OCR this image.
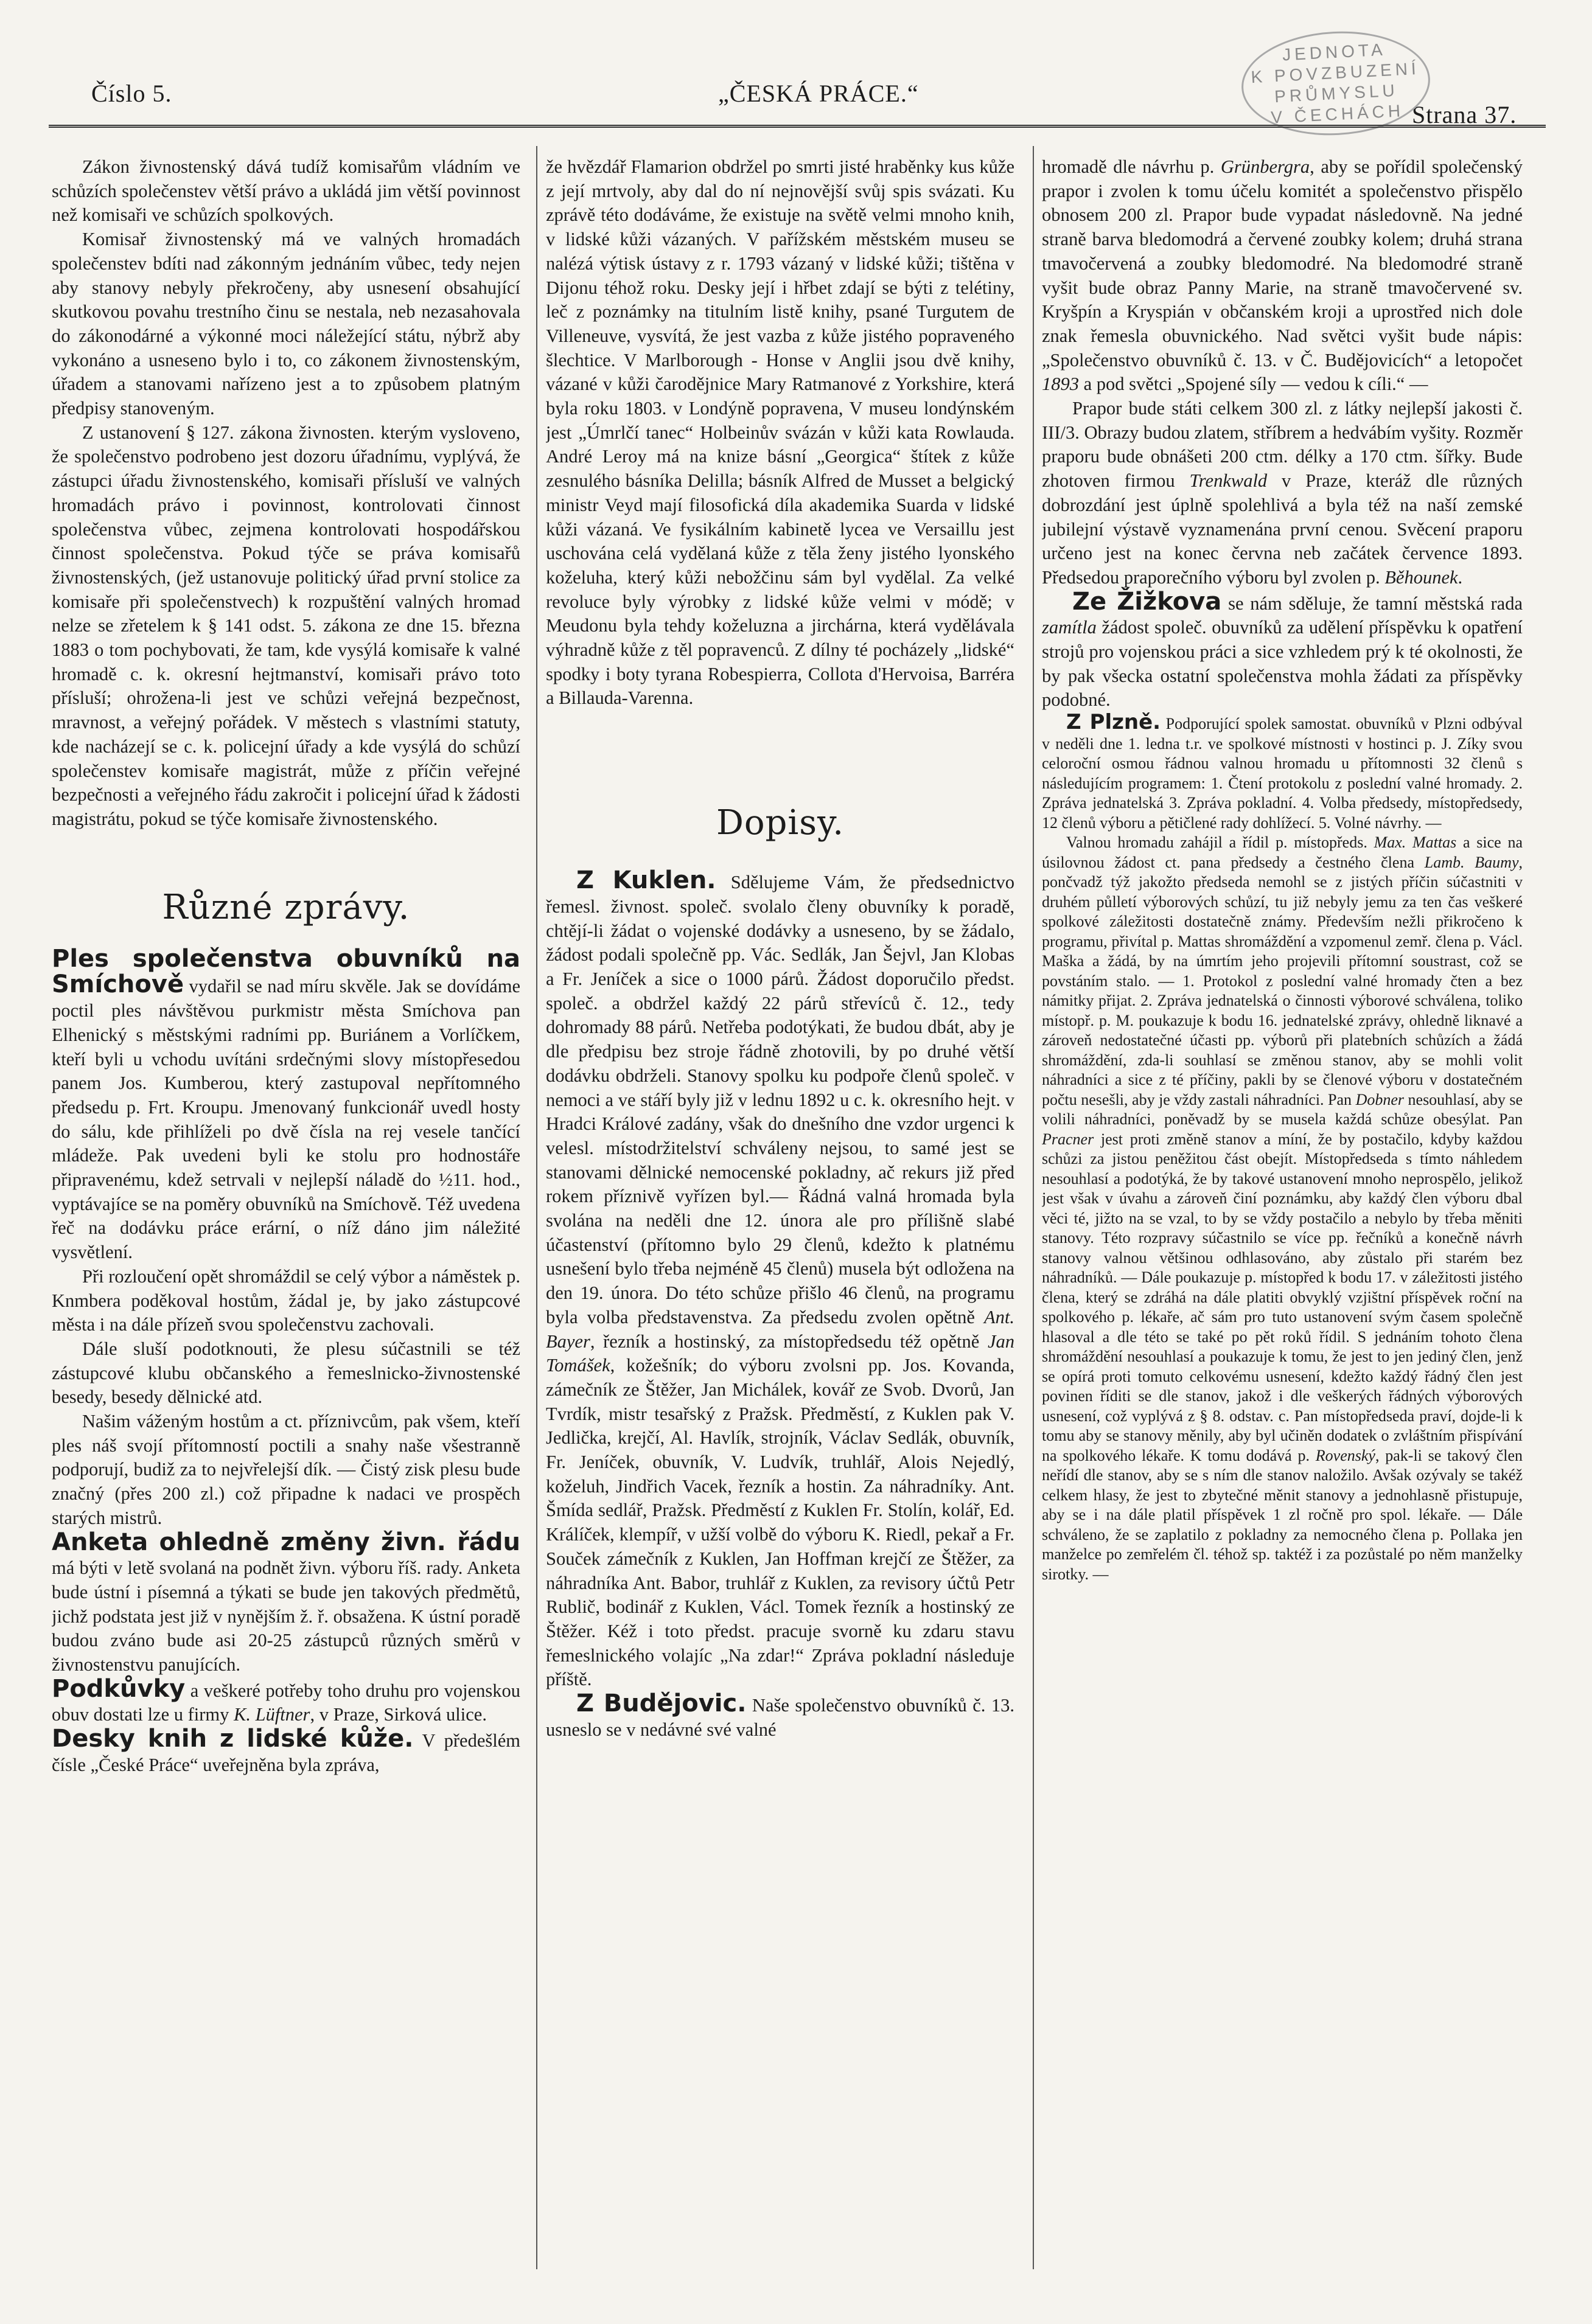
Číslo 5.	„ČESKÁ PRÁCE.“
Strana 37.
JEDNOTA
K POVZBUZENÍ
PRŮMYSLU
V ČECHÁCH

Zákon živnostenský dává tudíž komisařům vládním ve schůzích společenstev větší právo a ukládá jim větší povinnost než komisaři ve schůzích spolkových.

Komisař živnostenský má ve valných hromadách společenstev bdíti nad zákonným jednáním vůbec, tedy nejen aby stanovy nebyly překročeny, aby usnesení obsahující skutkovou povahu trestního činu se nestala, neb nezasahovala do zákonodárné a výkonné moci náležející státu, nýbrž aby vykonáno a usneseno bylo i to, co zákonem živnostenským, úřadem a stanovami nařízeno jest a to způsobem platným předpisy stanoveným.

Z ustanovení § 127. zákona živnosten. kterým vysloveno, že společenstvo podrobeno jest dozoru úřadnímu, vyplývá, že zástupci úřadu živnostenského, komisaři přísluší ve valných hromadách právo i povinnost, kontrolovati činnost společenstva vůbec, zejmena kontrolovati hospodářskou činnost společenstva. Pokud týče se práva komisařů živnostenských, (jež ustanovuje politický úřad první stolice za komisaře při společenstvech) k rozpuštění valných hromad nelze se zřetelem k § 141 odst. 5. zákona ze dne 15. března 1883 o tom pochybovati, že tam, kde vysýlá komisaře k valné hromadě c. k. okresní hejtmanství, komisaři právo toto přísluší; ohrožena-li jest ve schůzi veřejná bezpečnost, mravnost, a veřejný pořádek. V městech s vlastními statuty, kde nacházejí se c. k. policejní úřady a kde vysýlá do schůzí společenstev komisaře magistrát, může z příčin veřejné bezpečnosti a veřejného řádu zakročit i policejní úřad k žádosti magistrátu, pokud se týče komisaře živnostenského.

Různé zprávy.

Ples společenstva obuvníků na Smíchově vydařil se nad míru skvěle. Jak se dovídáme poctil ples návštěvou purkmistr města Smíchova pan Elhenický s městskými radními pp. Buriánem a Vorlíčkem, kteří byli u vchodu uvítáni srdečnými slovy místopřesedou panem Jos. Kumberou, který zastupoval nepřítomného předsedu p. Frt. Kroupu. Jmenovaný funkcionář uvedl hosty do sálu, kde přihlíželi po dvě čísla na rej vesele tančící mládeže. Pak uvedeni byli ke stolu pro hodnostáře připravenému, kdež setrvali v nejlepší náladě do ½11. hod., vyptávajíce se na poměry obuvníků na Smíchově. Též uvedena řeč na dodávku práce erární, o níž dáno jim náležité vysvětlení.

Při rozloučení opět shromáždil se celý výbor a náměstek p. Knmbera poděkoval hostům, žádal je, by jako zástupcové města i na dále přízeň svou společenstvu zachovali.

Dále sluší podotknouti, že plesu súčastnili se též zástupcové klubu občanského a řemeslnicko-živnostenské besedy, besedy dělnické atd.

Našim váženým hostům a ct. příznivcům, pak všem, kteří ples náš svojí přítomností poctili a snahy naše všestranně podporují, budiž za to nejvřelejší dík. — Čistý zisk plesu bude značný (přes 200 zl.) což připadne k nadaci ve prospěch starých mistrů.

Anketa ohledně změny živn. řádu má býti v letě svolaná na podnět živn. výboru říš. rady. Anketa bude ústní i písemná a týkati se bude jen takových předmětů, jichž podstata jest již v nynějším ž. ř. obsažena. K ústní poradě budou zváno bude asi 20-25 zástupců různých směrů v živnostenstvu panujících.

Podkůvky a veškeré potřeby toho druhu pro vojenskou obuv dostati lze u firmy K. Lüftner, v Praze, Sirková ulice.

Desky knih z lidské kůže. V předešlém čísle „České Práce“ uveřejněna byla zpráva,

že hvězdář Flamarion obdržel po smrti jisté hraběnky kus kůže z její mrtvoly, aby dal do ní nejnovější svůj spis svázati. Ku zprávě této dodáváme, že existuje na světě velmi mnoho knih, v lidské kůži vázaných. V pařížském městském museu se nalézá výtisk ústavy z r. 1793 vázaný v lidské kůži; tištěna v Dijonu téhož roku. Desky její i hřbet zdají se býti z telétiny, leč z poznámky na titulním listě knihy, psané Turgutem de Villeneuve, vysvítá, že jest vazba z kůže jistého popraveného šlechtice. V Marlborough - Honse v Anglii jsou dvě knihy, vázané v kůži čarodějnice Mary Ratmanové z Yorkshire, která byla roku 1803. v Londýně popravena, V museu londýnském jest „Úmrlčí tanec“ Holbeinův svázán v kůži kata Rowlauda. André Leroy má na knize básní „Georgica“ štítek z kůže zesnulého básníka Delilla; básník Alfred de Musset a belgický ministr Veyd mají filosofická díla akademika Suarda v lidské kůži vázaná. Ve fysikálním kabinetě lycea ve Versaillu jest uschována celá vydělaná kůže z těla ženy jistého lyonského koželuha, který kůži nebožčinu sám byl vydělal. Za velké revoluce byly výrobky z lidské kůže velmi v módě; v Meudonu byla tehdy koželuzna a jirchárna, která vydělávala výhradně kůže z těl popravenců. Z dílny té pocházely „lidské“ spodky i boty tyrana Robespierra, Collota d'Hervoisa, Barréra a Billauda-Varenna.

Dopisy.

Z Kuklen. Sdělujeme Vám, že předsednictvo řemesl. živnost. společ. svolalo členy obuvníky k poradě, chtějí-li žádat o vojenské dodávky a usneseno, by se žádalo, žádost podali společně pp. Vác. Sedlák, Jan Šejvl, Jan Klobas a Fr. Jeníček a sice o 1000 párů. Žádost doporučilo předst. společ. a obdržel každý 22 párů střevíců č. 12., tedy dohromady 88 párů. Netřeba podotýkati, že budou dbát, aby je dle předpisu bez stroje řádně zhotovili, by po druhé větší dodávku obdrželi. Stanovy spolku ku podpoře členů společ. v nemoci a ve stáří byly již v lednu 1892 u c. k. okresního hejt. v Hradci Králové zadány, však do dnešního dne vzdor urgenci k velesl. místodržitelství schváleny nejsou, to samé jest se stanovami dělnické nemocenské pokladny, ač rekurs již před rokem příznivě vyřízen byl.— Řádná valná hromada byla svolána na neděli dne 12. února ale pro přílišně slabé účastenství (přítomno bylo 29 členů, kdežto k platnému usnešení bylo třeba nejméně 45 členů) musela být odložena na den 19. února. Do této schůze přišlo 46 členů, na programu byla volba představenstva. Za předsedu zvolen opětně Ant. Bayer, řezník a hostinský, za místopředsedu též opětně Jan Tomášek, kožešník; do výboru zvolsni pp. Jos. Kovanda, zámečník ze Štěžer, Jan Michálek, kovář ze Svob. Dvorů, Jan Tvrdík, mistr tesařský z Pražsk. Předměstí, z Kuklen pak V. Jedlička, krejčí, Al. Havlík, strojník, Václav Sedlák, obuvník, Fr. Jeníček, obuvník, V. Ludvík, truhlář, Alois Nejedlý, koželuh, Jindřich Vacek, řezník a hostin. Za náhradníky. Ant. Šmída sedlář, Pražsk. Předměstí z Kuklen Fr. Stolín, kolář, Ed. Králíček, klempíř, v užší volbě do výboru K. Riedl, pekař a Fr. Souček zámečník z Kuklen, Jan Hoffman krejčí ze Štěžer, za náhradníka Ant. Babor, truhlář z Kuklen, za revisory účtů Petr Rublič, bodinář z Kuklen, Václ. Tomek řezník a hostinský ze Štěžer. Kéž i toto předst. pracuje svorně ku zdaru stavu řemeslnického volajíc „Na zdar!“ Zpráva pokladní následuje příště.

Z Budějovic. Naše společenstvo obuvníků č. 13. usneslo se v nedávné své valné

hromadě dle návrhu p. Grünbergra, aby se pořídil společenský prapor i zvolen k tomu účelu komitét a společenstvo přispělo obnosem 200 zl. Prapor bude vypadat následovně. Na jedné straně barva bledomodrá a červené zoubky kolem; druhá strana tmavočervená a zoubky bledomodré. Na bledomodré straně vyšit bude obraz Panny Marie, na straně tmavočervené sv. Kryšpín a Kryspián v občanském kroji a uprostřed nich dole znak řemesla obuvnického. Nad světci vyšit bude nápis: „Společenstvo obuvníků č. 13. v Č. Budějovicích“ a letopočet 1893 a pod světci „Spojené síly — vedou k cíli.“ —

Prapor bude státi celkem 300 zl. z látky nejlepší jakosti č. III/3. Obrazy budou zlatem, stříbrem a hedvábím vyšity. Rozměr praporu bude obnášeti 200 ctm. délky a 170 ctm. šířky. Bude zhotoven firmou Trenkwald v Praze, kteráž dle různých dobrozdání jest úplně spolehlivá a byla též na naší zemské jubilejní výstavě vyznamenána první cenou. Svěcení praporu určeno jest na konec června neb začátek července 1893. Předsedou praporečního výboru byl zvolen p. Běhounek.

Ze Žižkova se nám sděluje, že tamní městská rada zamítla žádost společ. obuvníků za udělení příspěvku k opatření strojů pro vojenskou práci a sice vzhledem prý k té okolnosti, že by pak všecka ostatní společenstva mohla žádati za příspěvky podobné.

Z Plzně. Podporující spolek samostat. obuvníků v Plzni odbýval v neděli dne 1. ledna t.r. ve spolkové místnosti v hostinci p. J. Zíky svou celoroční osmou řádnou valnou hromadu u přítomnosti 32 členů s následujícím programem: 1. Čtení protokolu z poslední valné hromady. 2. Zpráva jednatelská 3. Zpráva pokladní. 4. Volba předsedy, místopředsedy, 12 členů výboru a pětičlené rady dohlížecí. 5. Volné návrhy. —

Valnou hromadu zahájil a řídil p. místopředs. Max. Mattas a sice na úsilovnou žádost ct. pana předsedy a čestného člena Lamb. Baumy, pončvadž týž jakožto předseda nemohl se z jistých příčin súčastniti v druhém půlletí výborových schůzí, tu již nebyly jemu za ten čas veškeré spolkové záležitosti dostatečně známy. Především nežli přikročeno k programu, přivítal p. Mattas shromáždění a vzpomenul zemř. člena p. Václ. Maška a žádá, by na úmrtím jeho projevili přítomní soustrast, což se povstáním stalo. — 1. Protokol z poslední valné hromady čten a bez námitky přijat. 2. Zpráva jednatelská o činnosti výborové schválena, toliko místopř. p. M. poukazuje k bodu 16. jednatelské zprávy, ohledně liknavé a zároveň nedostatečné účasti pp. výborů při platebních schůzích a žádá shromáždění, zda-li souhlasí se změnou stanov, aby se mohli volit náhradníci a sice z té příčiny, pakli by se členové výboru v dostatečném počtu nesešli, aby je vždy zastali náhradníci. Pan Dobner nesouhlasí, aby se volili náhradníci, poněvadž by se musela každá schůze obesýlat. Pan Pracner jest proti změně stanov a míní, že by postačilo, kdyby každou schůzi za jistou peněžitou část obejít. Místopředseda s tímto náhledem nesouhlasí a podotýká, že by takové ustanovení mnoho neprospělo, jelikož jest však v úvahu a zároveň činí poznámku, aby každý člen výboru dbal věci té, jižto na se vzal, to by se vždy postačilo a nebylo by třeba měniti stanovy. Této rozpravy súčastnilo se více pp. řečníků a konečně návrh stanovy valnou většinou odhlasováno, aby zůstalo při starém bez náhradníků. — Dále poukazuje p. místopřed k bodu 17. v záležitosti jistého člena, který se zdráhá na dále platiti obvyklý vzjištní příspěvek roční na spolkového p. lékaře, ač sám pro tuto ustanovení svým časem společně hlasoval a dle této se také po pět roků řídil. S jednáním tohoto člena shromáždění nesouhlasí a poukazuje k tomu, že jest to jen jediný člen, jenž se opírá proti tomuto celkovému usnesení, kdežto každý řádný člen jest povinen říditi se dle stanov, jakož i dle veškerých řádných výborových usnesení, což vyplývá z § 8. odstav. c. Pan místopředseda praví, dojde-li k tomu aby se stanovy měnily, aby byl učiněn dodatek o zvláštním přispívání na spolkového lékaře. K tomu dodává p. Rovenský, pak-li se takový člen neřídí dle stanov, aby se s ním dle stanov naložilo. Avšak ozývaly se takéž celkem hlasy, že jest to zbytečné měnit stanovy a jednohlasně přistupuje, aby se i na dále platil příspěvek 1 zl ročně pro spol. lékaře. — Dále schváleno, že se zaplatilo z pokladny za nemocného člena p. Pollaka jen manželce po zemřelém čl. téhož sp. taktéž i za pozůstalé po něm manželky sirotky. —
